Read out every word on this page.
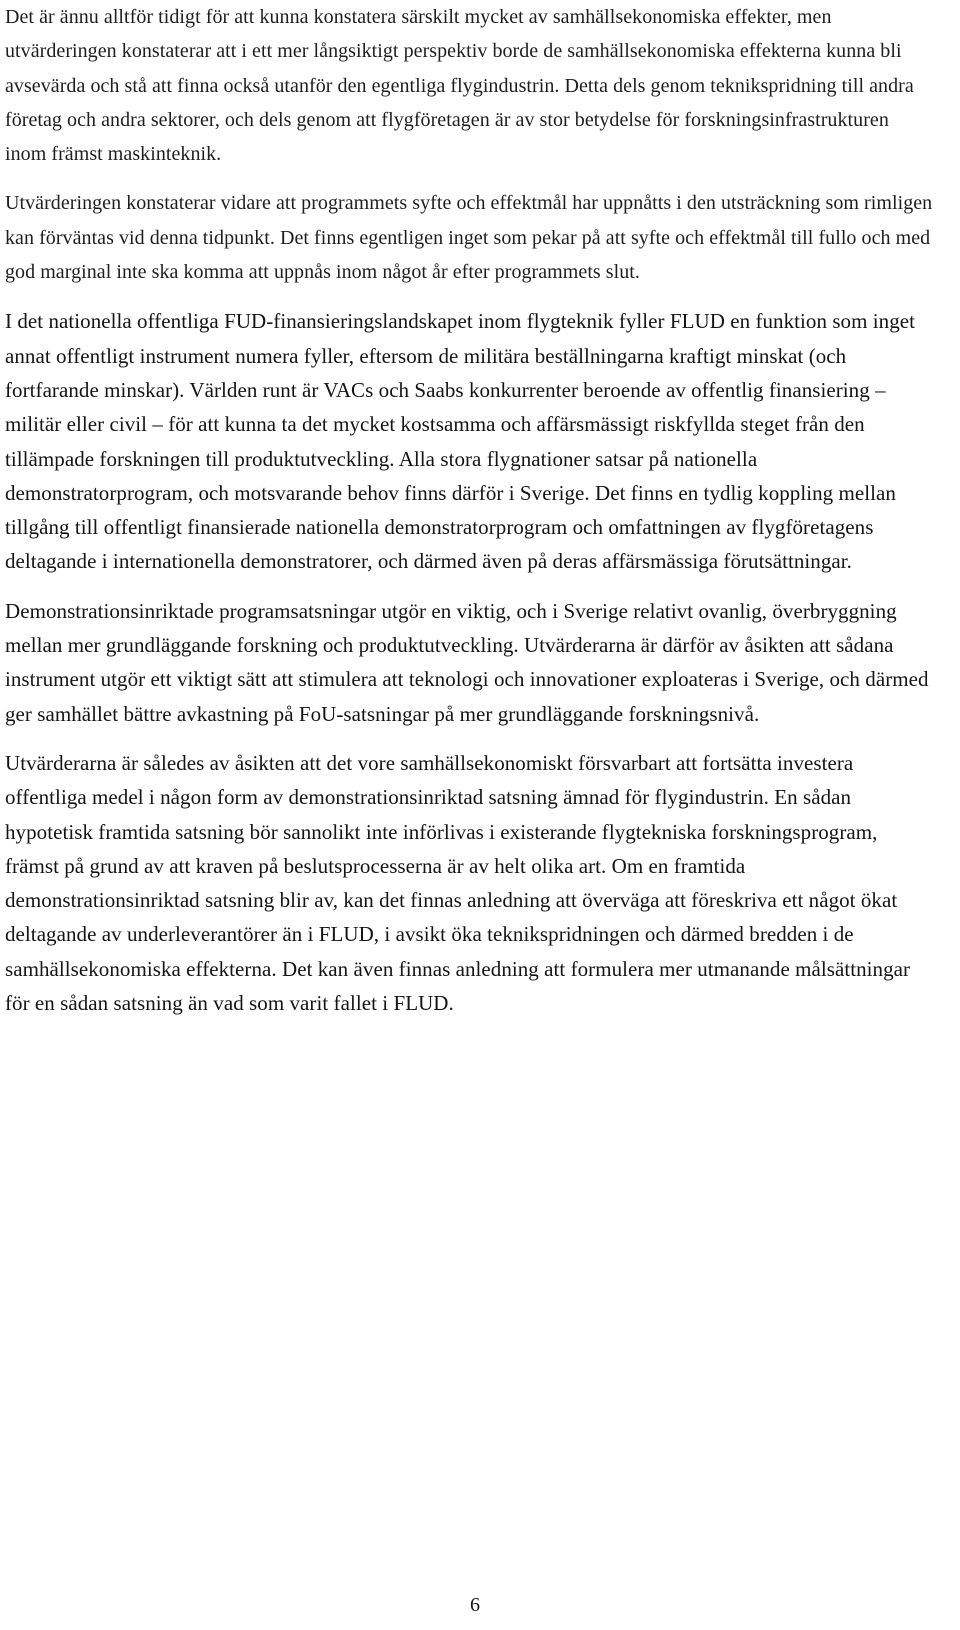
Det är ännu alltför tidigt för att kunna konstatera särskilt mycket av samhällsekonomiska effekter, men utvärderingen konstaterar att i ett mer långsiktigt perspektiv borde de samhällsekonomiska effekterna kunna bli avsevärda och stå att finna också utanför den egentliga flygindustrin. Detta dels genom teknikspridning till andra företag och andra sektorer, och dels genom att flygföretagen är av stor betydelse för forskningsinfrastrukturen inom främst maskinteknik.

Utvärderingen konstaterar vidare att programmets syfte och effektmål har uppnåtts i den utsträckning som rimligen kan förväntas vid denna tidpunkt. Det finns egentligen inget som pekar på att syfte och effektmål till fullo och med god marginal inte ska komma att uppnås inom något år efter programmets slut.

I det nationella offentliga FUD-finansieringslandskapet inom flygteknik fyller FLUD en funktion som inget annat offentligt instrument numera fyller, eftersom de militära beställningarna kraftigt minskat (och fortfarande minskar). Världen runt är VACs och Saabs konkurrenter beroende av offentlig finansiering – militär eller civil – för att kunna ta det mycket kostsamma och affärsmässigt riskfyllda steget från den tillämpade forskningen till produktutveckling. Alla stora flygnationer satsar på nationella demonstratorprogram, och motsvarande behov finns därför i Sverige. Det finns en tydlig koppling mellan tillgång till offentligt finansierade nationella demonstratorprogram och omfattningen av flygföretagens deltagande i internationella demonstratorer, och därmed även på deras affärsmässiga förutsättningar.

Demonstrationsinriktade programsatsningar utgör en viktig, och i Sverige relativt ovanlig, överbryggning mellan mer grundläggande forskning och produktutveckling. Utvärderarna är därför av åsikten att sådana instrument utgör ett viktigt sätt att stimulera att teknologi och innovationer exploateras i Sverige, och därmed ger samhället bättre avkastning på FoU-satsningar på mer grundläggande forskningsnivå.

Utvärderarna är således av åsikten att det vore samhällsekonomiskt försvarbart att fortsätta investera offentliga medel i någon form av demonstrationsinriktad satsning ämnad för flygindustrin. En sådan hypotetisk framtida satsning bör sannolikt inte införlivas i existerande flygtekniska forskningsprogram, främst på grund av att kraven på beslutsprocesserna är av helt olika art. Om en framtida demonstrationsinriktad satsning blir av, kan det finnas anledning att överväga att föreskriva ett något ökat deltagande av underleverantörer än i FLUD, i avsikt öka teknikspridningen och därmed bredden i de samhällsekonomiska effekterna. Det kan även finnas anledning att formulera mer utmanande målsättningar för en sådan satsning än vad som varit fallet i FLUD.

6
